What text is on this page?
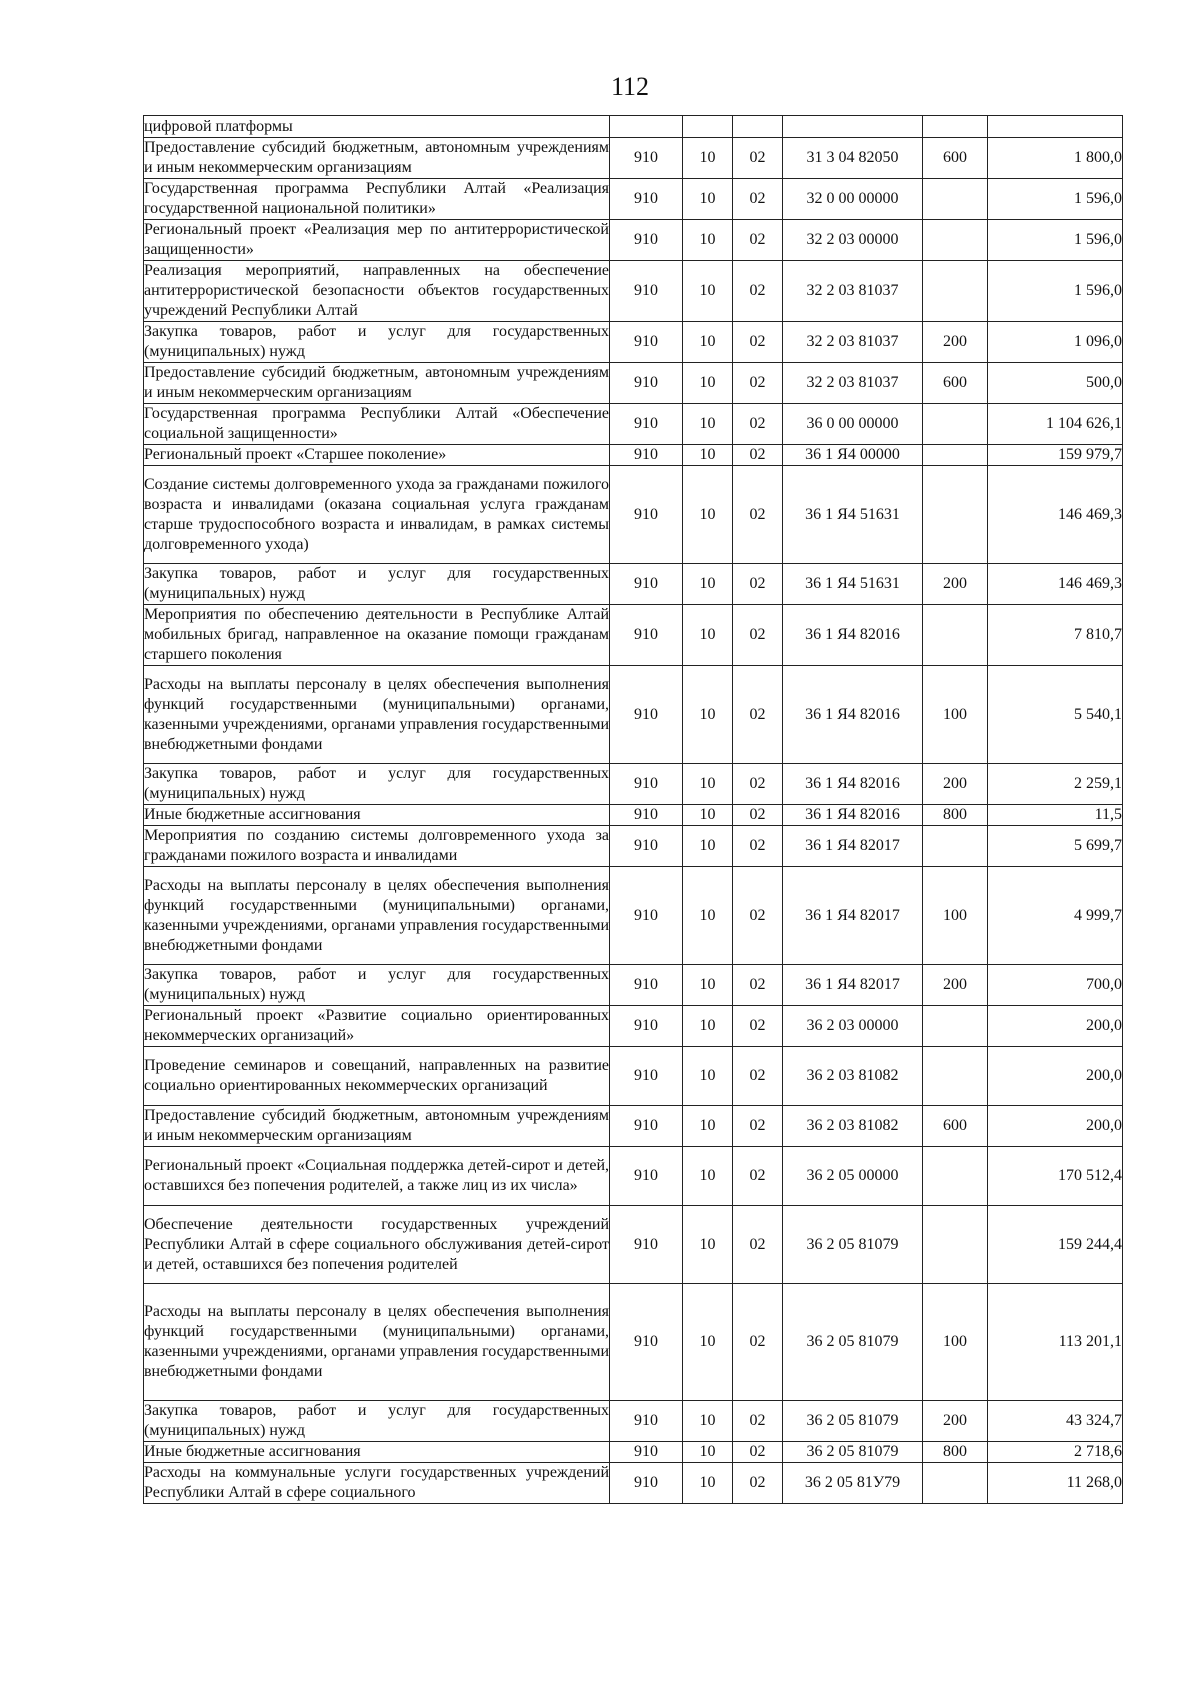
112
цифровой платформы						
Предоставление субсидий бюджетным, автономным учреждениям и иным некоммерческим организациям	910	10	02	31 3 04 82050	600	1 800,0
Государственная программа Республики Алтай «Реализация государственной национальной политики»	910	10	02	32 0 00 00000		1 596,0
Региональный проект «Реализация мер по антитеррористической защищенности»	910	10	02	32 2 03 00000		1 596,0
Реализация мероприятий, направленных на обеспечение антитеррористической безопасности объектов государственных учреждений Республики Алтай	910	10	02	32 2 03 81037		1 596,0
Закупка товаров, работ и услуг для государственных (муниципальных) нужд	910	10	02	32 2 03 81037	200	1 096,0
Предоставление субсидий бюджетным, автономным учреждениям и иным некоммерческим организациям	910	10	02	32 2 03 81037	600	500,0
Государственная программа Республики Алтай «Обеспечение социальной защищенности»	910	10	02	36 0 00 00000		1 104 626,1
Региональный проект «Старшее поколение»	910	10	02	36 1 Я4 00000		159 979,7
Создание системы долговременного ухода за гражданами пожилого возраста и инвалидами (оказана социальная услуга гражданам старше трудоспособного возраста и инвалидам, в рамках системы долговременного ухода)	910	10	02	36 1 Я4 51631		146 469,3
Закупка товаров, работ и услуг для государственных (муниципальных) нужд	910	10	02	36 1 Я4 51631	200	146 469,3
Мероприятия по обеспечению деятельности в Республике Алтай мобильных бригад, направленное на оказание помощи гражданам старшего поколения	910	10	02	36 1 Я4 82016		7 810,7
Расходы на выплаты персоналу в целях обеспечения выполнения функций государственными (муниципальными) органами, казенными учреждениями, органами управления государственными внебюджетными фондами	910	10	02	36 1 Я4 82016	100	5 540,1
Закупка товаров, работ и услуг для государственных (муниципальных) нужд	910	10	02	36 1 Я4 82016	200	2 259,1
Иные бюджетные ассигнования	910	10	02	36 1 Я4 82016	800	11,5
Мероприятия по созданию системы долговременного ухода за гражданами пожилого возраста и инвалидами	910	10	02	36 1 Я4 82017		5 699,7
Расходы на выплаты персоналу в целях обеспечения выполнения функций государственными (муниципальными) органами, казенными учреждениями, органами управления государственными внебюджетными фондами	910	10	02	36 1 Я4 82017	100	4 999,7
Закупка товаров, работ и услуг для государственных (муниципальных) нужд	910	10	02	36 1 Я4 82017	200	700,0
Региональный проект «Развитие социально ориентированных некоммерческих организаций»	910	10	02	36 2 03 00000		200,0
Проведение семинаров и совещаний, направленных на развитие социально ориентированных некоммерческих организаций	910	10	02	36 2 03 81082		200,0
Предоставление субсидий бюджетным, автономным учреждениям и иным некоммерческим организациям	910	10	02	36 2 03 81082	600	200,0
Региональный проект «Социальная поддержка детей-сирот и детей, оставшихся без попечения родителей, а также лиц из их числа»	910	10	02	36 2 05 00000		170 512,4
Обеспечение деятельности государственных учреждений Республики Алтай в сфере социального обслуживания детей-сирот и детей, оставшихся без попечения родителей	910	10	02	36 2 05 81079		159 244,4
Расходы на выплаты персоналу в целях обеспечения выполнения функций государственными (муниципальными) органами, казенными учреждениями, органами управления государственными внебюджетными фондами	910	10	02	36 2 05 81079	100	113 201,1
Закупка товаров, работ и услуг для государственных (муниципальных) нужд	910	10	02	36 2 05 81079	200	43 324,7
Иные бюджетные ассигнования	910	10	02	36 2 05 81079	800	2 718,6
Расходы на коммунальные услуги государственных учреждений Республики Алтай в сфере социального	910	10	02	36 2 05 81У79		11 268,0
